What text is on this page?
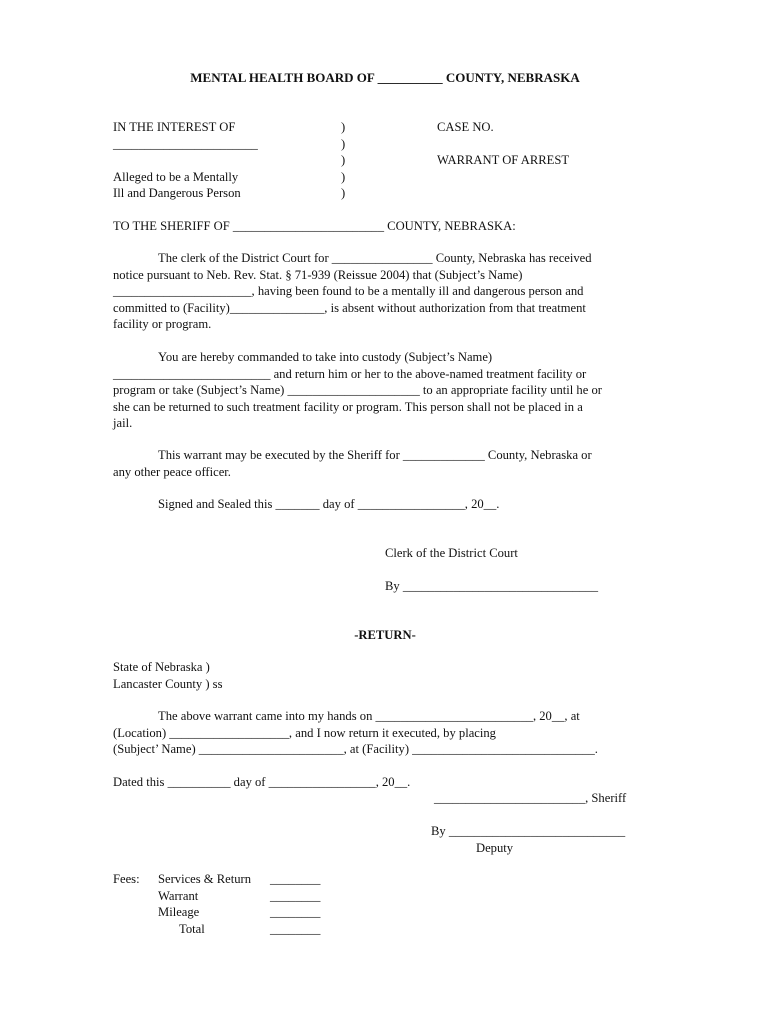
MENTAL HEALTH BOARD OF __________ COUNTY, NEBRASKA
IN THE INTEREST OF
_______________________
Alleged to be a Mentally
Ill and Dangerous Person
)
)
)
)
)
CASE NO.
WARRANT OF ARREST
TO THE SHERIFF OF ________________________ COUNTY, NEBRASKA:
The clerk of the District Court for ________________ County, Nebraska has received
notice pursuant to Neb. Rev. Stat. § 71-939 (Reissue 2004) that (Subject’s Name)
______________________, having been found to be a mentally ill and dangerous person and
committed to (Facility)_______________, is absent without authorization from that treatment
facility or program.
You are hereby commanded to take into custody (Subject’s Name)
_________________________ and return him or her to the above-named treatment facility or
program or take (Subject’s Name) _____________________ to an appropriate facility until he or
she can be returned to such treatment facility or program. This person shall not be placed in a
jail.
This warrant may be executed by the Sheriff for _____________ County, Nebraska or
any other peace officer.
Signed and Sealed this _______ day of _________________, 20__.
Clerk of the District Court
By _______________________________
-RETURN-
State of Nebraska )
Lancaster County ) ss
The above warrant came into my hands on _________________________, 20__, at
(Location) ___________________, and I now return it executed, by placing
(Subject’ Name) _______________________, at (Facility) _____________________________.
Dated this __________ day of _________________, 20__.
________________________, Sheriff
By ____________________________
Deputy
Fees: Services & Return
Warrant
Mileage
Total
________
________
________
________
